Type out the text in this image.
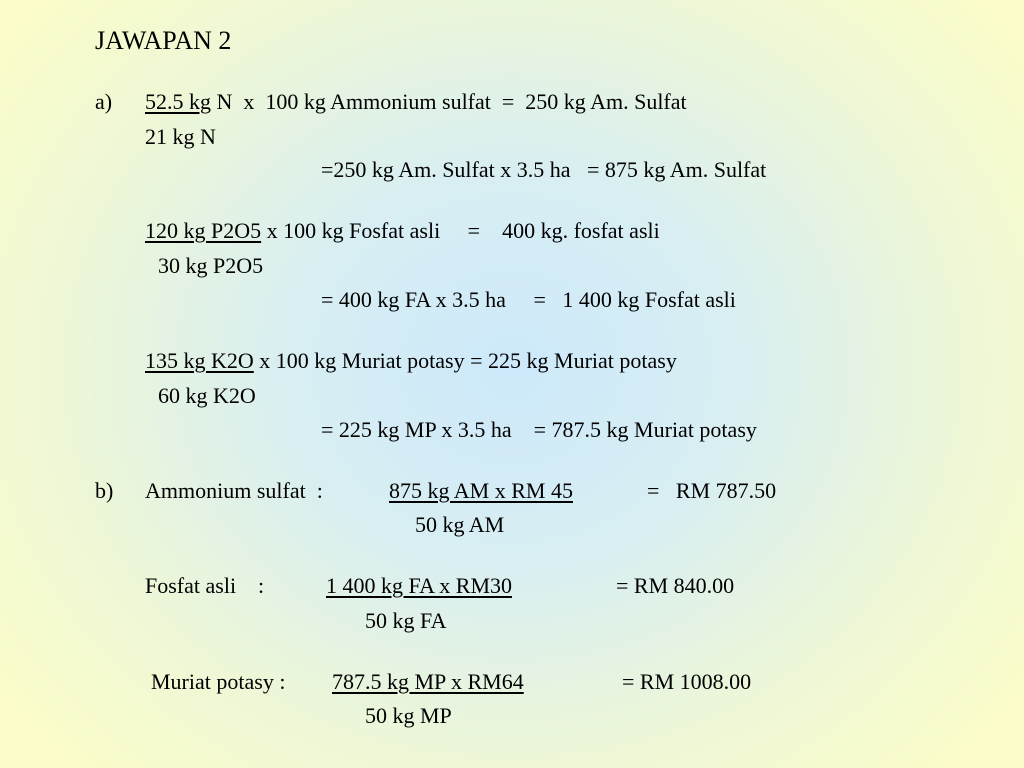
JAWAPAN 2
a) 52.5 kg N  x  100 kg Ammonium sulfat  =  250 kg Am. Sulfat
21 kg N
=250 kg Am. Sulfat x 3.5 ha   = 875 kg Am. Sulfat
120 kg P2O5 x 100 kg Fosfat asli     =    400 kg. fosfat asli
30 kg P2O5
= 400 kg FA x 3.5 ha     =   1 400 kg Fosfat asli
135 kg K2O x 100 kg Muriat potasy = 225 kg Muriat potasy
60 kg K2O
= 225 kg MP x 3.5 ha    = 787.5 kg Muriat potasy
b) Ammonium sulfat  :	875 kg AM x RM 45	=   RM 787.50
50 kg AM
Fosfat asli    :	1 400 kg FA x RM30	= RM 840.00
50 kg FA
Muriat potasy : 787.5 kg MP x RM64	= RM 1008.00
50 kg MP
